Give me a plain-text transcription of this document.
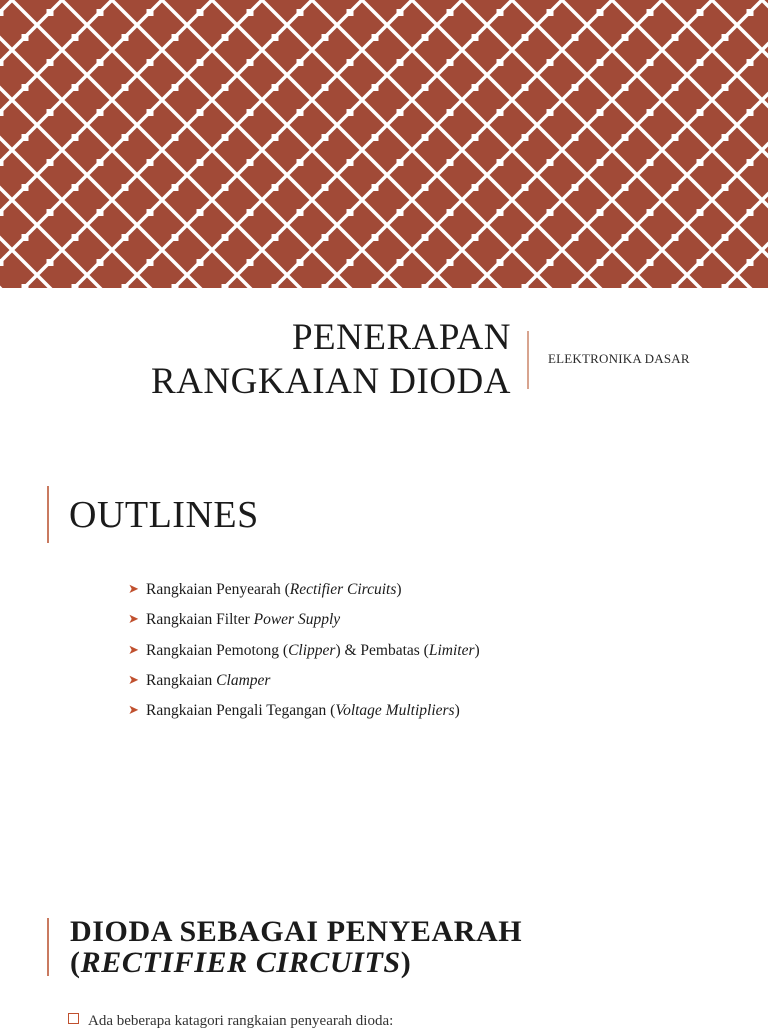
PENERAPAN
RANGKAIAN DIODA
ELEKTRONIKA DASAR
OUTLINES
➤ Rangkaian Penyearah (Rectifier Circuits)
➤ Rangkaian Filter Power Supply
➤ Rangkaian Pemotong (Clipper) & Pembatas (Limiter)
➤ Rangkaian Clamper
➤ Rangkaian Pengali Tegangan (Voltage Multipliers)
DIODA SEBAGAI PENYEARAH
(RECTIFIER CIRCUITS)
Ada beberapa katagori rangkaian penyearah dioda:
